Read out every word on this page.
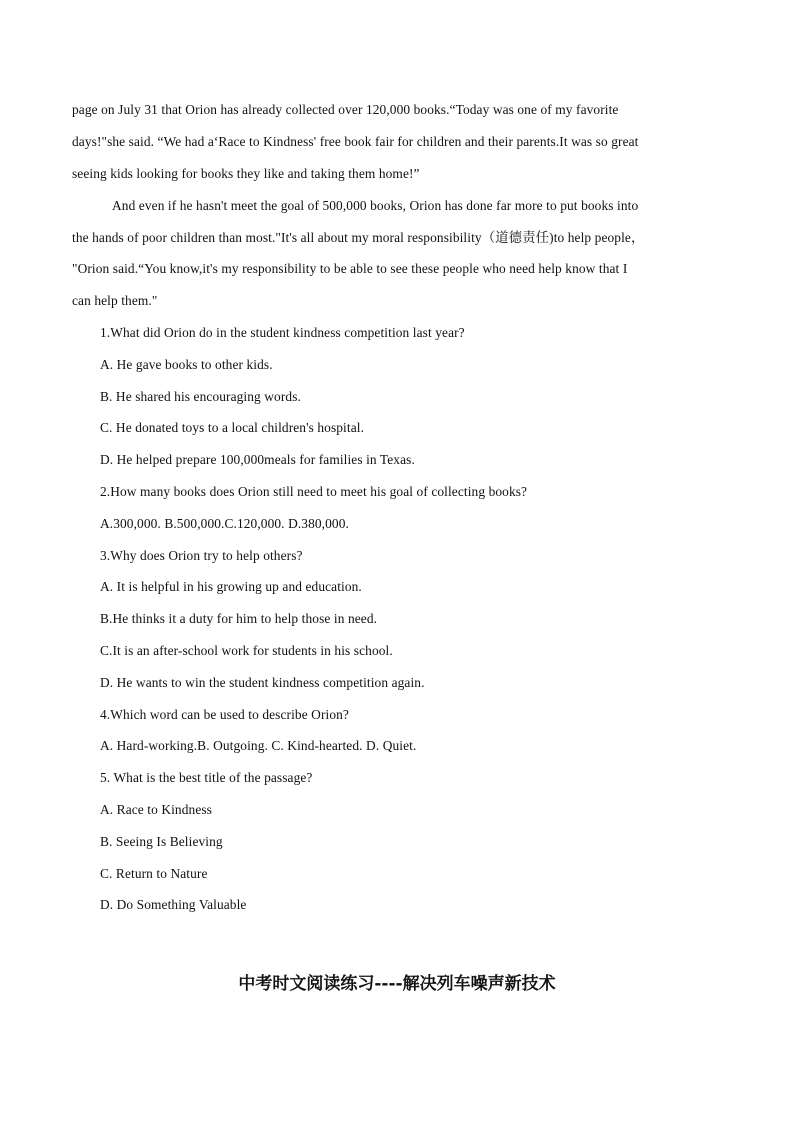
page on July 31 that Orion has already collected over 120,000 books.“Today was one of my favorite
days!"she said. “We had a‘Race to Kindness' free book fair for children and their parents.It was so great
seeing kids looking for books they like and taking them home!”
And even if he hasn't meet the goal of 500,000 books, Orion has done far more to put books into
the hands of poor children than most."It's all about my moral responsibility（道德责任)to help people，
"Orion said.“You know,it's my responsibility to be able to see these people who need help know that I
can help them."
1.What did Orion do in the student kindness competition last year?
A. He gave books to other kids.
B. He shared his encouraging words.
C. He donated toys to a local children's hospital.
D. He helped prepare 100,000meals for families in Texas.
2.How many books does Orion still need to meet his goal of collecting books?
A.300,000. B.500,000.C.120,000. D.380,000.
3.Why does Orion try to help others?
A. It is helpful in his growing up and education.
B.He thinks it a duty for him to help those in need.
C.It is an after-school work for students in his school.
D. He wants to win the student kindness competition again.
4.Which word can be used to describe Orion?
A. Hard-working.B. Outgoing. C. Kind-hearted. D. Quiet.
5. What is the best title of the passage?
A. Race to Kindness
B. Seeing Is Believing
C. Return to Nature
D. Do Something Valuable
中考时文阅读练习----解决列车噪声新技术
